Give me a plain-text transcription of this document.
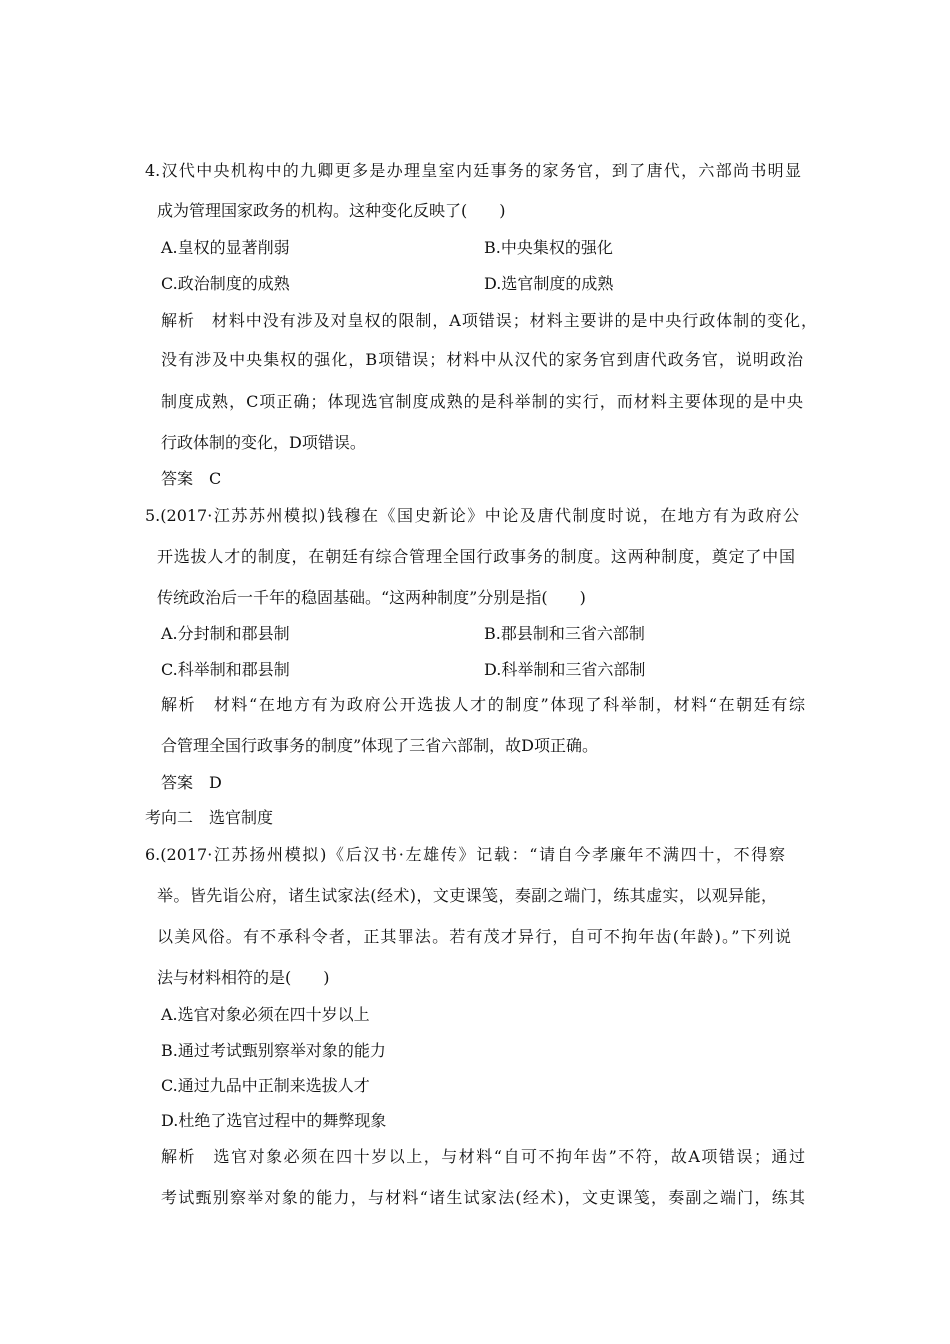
4.汉代中央机构中的九卿更多是办理皇室内廷事务的家务官，到了唐代，六部尚书明显
成为管理国家政务的机构。这种变化反映了(　　)
A.皇权的显著削弱	B.中央集权的强化
C.政治制度的成熟	D.选官制度的成熟
解析　材料中没有涉及对皇权的限制，A项错误；材料主要讲的是中央行政体制的变化，
没有涉及中央集权的强化，B项错误；材料中从汉代的家务官到唐代政务官，说明政治
制度成熟，C项正确；体现选官制度成熟的是科举制的实行，而材料主要体现的是中央
行政体制的变化，D项错误。
答案　C
5.(2017·江苏苏州模拟)钱穆在《国史新论》中论及唐代制度时说，在地方有为政府公
开选拔人才的制度，在朝廷有综合管理全国行政事务的制度。这两种制度，奠定了中国
传统政治后一千年的稳固基础。“这两种制度”分别是指(　　)
A.分封制和郡县制	B.郡县制和三省六部制
C.科举制和郡县制	D.科举制和三省六部制
解析　材料“在地方有为政府公开选拔人才的制度”体现了科举制，材料“在朝廷有综
合管理全国行政事务的制度”体现了三省六部制，故D项正确。
答案　D
考向二　选官制度
6.(2017·江苏扬州模拟)《后汉书·左雄传》记载：“请自今孝廉年不满四十，不得察
举。皆先诣公府，诸生试家法(经术)，文吏课笺，奏副之端门，练其虚实，以观异能，
以美风俗。有不承科令者，正其罪法。若有茂才异行，自可不拘年齿(年龄)。”下列说
法与材料相符的是(　　)
A.选官对象必须在四十岁以上
B.通过考试甄别察举对象的能力
C.通过九品中正制来选拔人才
D.杜绝了选官过程中的舞弊现象
解析　选官对象必须在四十岁以上，与材料“自可不拘年齿”不符，故A项错误；通过
考试甄别察举对象的能力，与材料“诸生试家法(经术)，文吏课笺，奏副之端门，练其
